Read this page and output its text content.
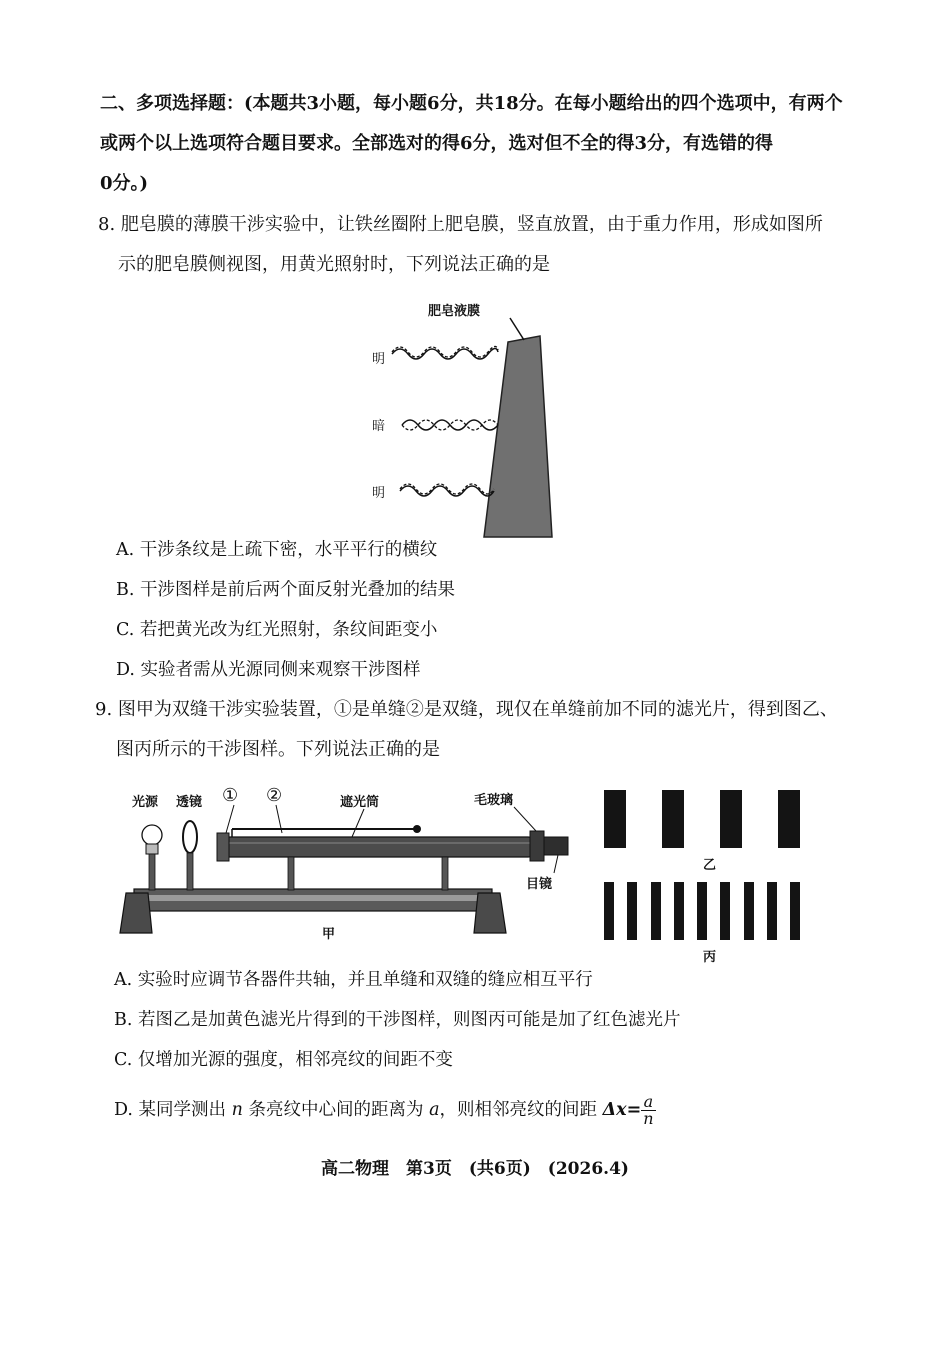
二、多项选择题：(本题共3小题，每小题6分，共18分。在每小题给出的四个选项中，有两个
或两个以上选项符合题目要求。全部选对的得6分，选对但不全的得3分，有选错的得
0分。)
8. 肥皂膜的薄膜干涉实验中，让铁丝圈附上肥皂膜，竖直放置，由于重力作用，形成如图所
示的肥皂膜侧视图，用黄光照射时，下列说法正确的是
肥皂液膜
明
暗
明
A. 干涉条纹是上疏下密，水平平行的横纹
B. 干涉图样是前后两个面反射光叠加的结果
C. 若把黄光改为红光照射，条纹间距变小
D. 实验者需从光源同侧来观察干涉图样
9. 图甲为双缝干涉实验装置，①是单缝②是双缝，现仅在单缝前加不同的滤光片，得到图乙、
图丙所示的干涉图样。下列说法正确的是
光源 透镜 ① ②	遮光筒	毛玻璃
目镜
甲
乙
丙
A. 实验时应调节各器件共轴，并且单缝和双缝的缝应相互平行
B. 若图乙是加黄色滤光片得到的干涉图样，则图丙可能是加了红色滤光片
C. 仅增加光源的强度，相邻亮纹的间距不变
D. 某同学测出 n 条亮纹中心间的距离为 a，则相邻亮纹的间距 $\Delta x= \frac{a}{n}$
高二物理　第3页　(共6页)　(2026.4)
